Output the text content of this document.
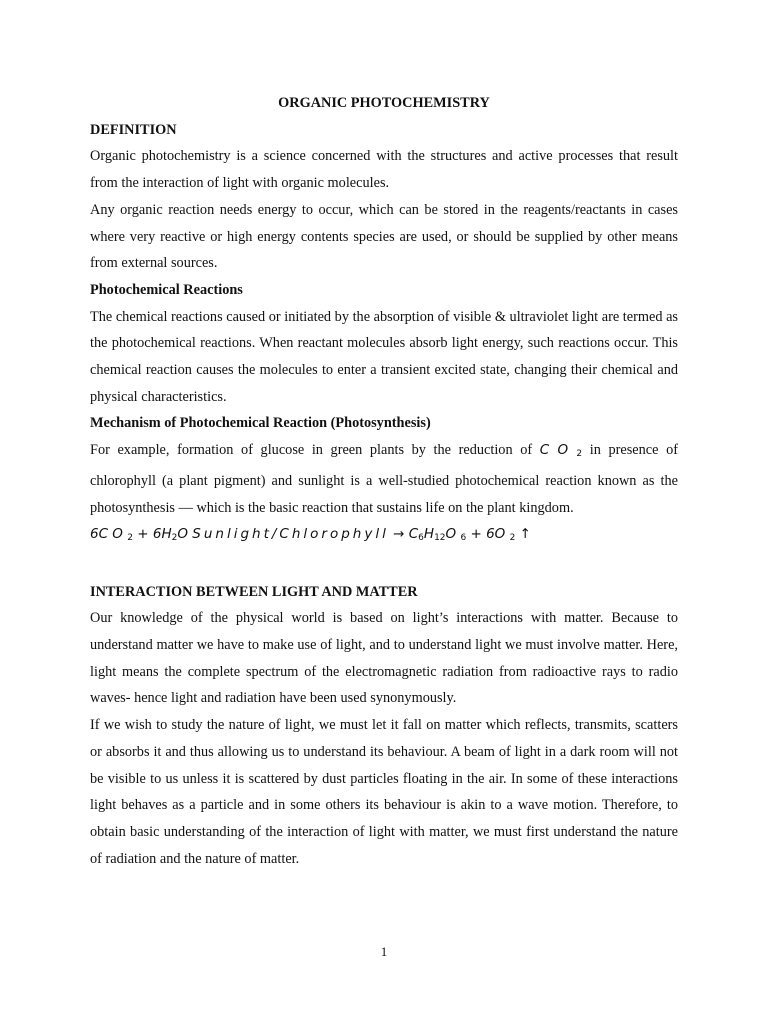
ORGANIC PHOTOCHEMISTRY
DEFINITION

Organic photochemistry is a science concerned with the structures and active processes that result from the interaction of light with organic molecules.

Any organic reaction needs energy to occur, which can be stored in the reagents/reactants in cases where very reactive or high energy contents species are used, or should be supplied by other means from external sources.

Photochemical Reactions

The chemical reactions caused or initiated by the absorption of visible & ultraviolet light are termed as the photochemical reactions. When reactant molecules absorb light energy, such reactions occur. This chemical reaction causes the molecules to enter a transient excited state, changing their chemical and physical characteristics.

Mechanism of Photochemical Reaction (Photosynthesis)

For example, formation of glucose in green plants by the reduction of C O $_2$ in presence of chlorophyll (a plant pigment) and sunlight is a well-studied photochemical reaction known as the photosynthesis — which is the basic reaction that sustains life on the plant kingdom.

6C O $_2 + 6H_2O$ Sunlight/Chlorophyll → $C_6H_{12}O$ $_6$ + 6O $_2$ ↑
INTERACTION BETWEEN LIGHT AND MATTER

Our knowledge of the physical world is based on light’s interactions with matter. Because to understand matter we have to make use of light, and to understand light we must involve matter. Here, light means the complete spectrum of the electromagnetic radiation from radioactive rays to radio waves- hence light and radiation have been used synonymously.

If we wish to study the nature of light, we must let it fall on matter which reflects, transmits, scatters or absorbs it and thus allowing us to understand its behaviour. A beam of light in a dark room will not be visible to us unless it is scattered by dust particles floating in the air. In some of these interactions light behaves as a particle and in some others its behaviour is akin to a wave motion. Therefore, to obtain basic understanding of the interaction of light with matter, we must first understand the nature of radiation and the nature of matter.

1
